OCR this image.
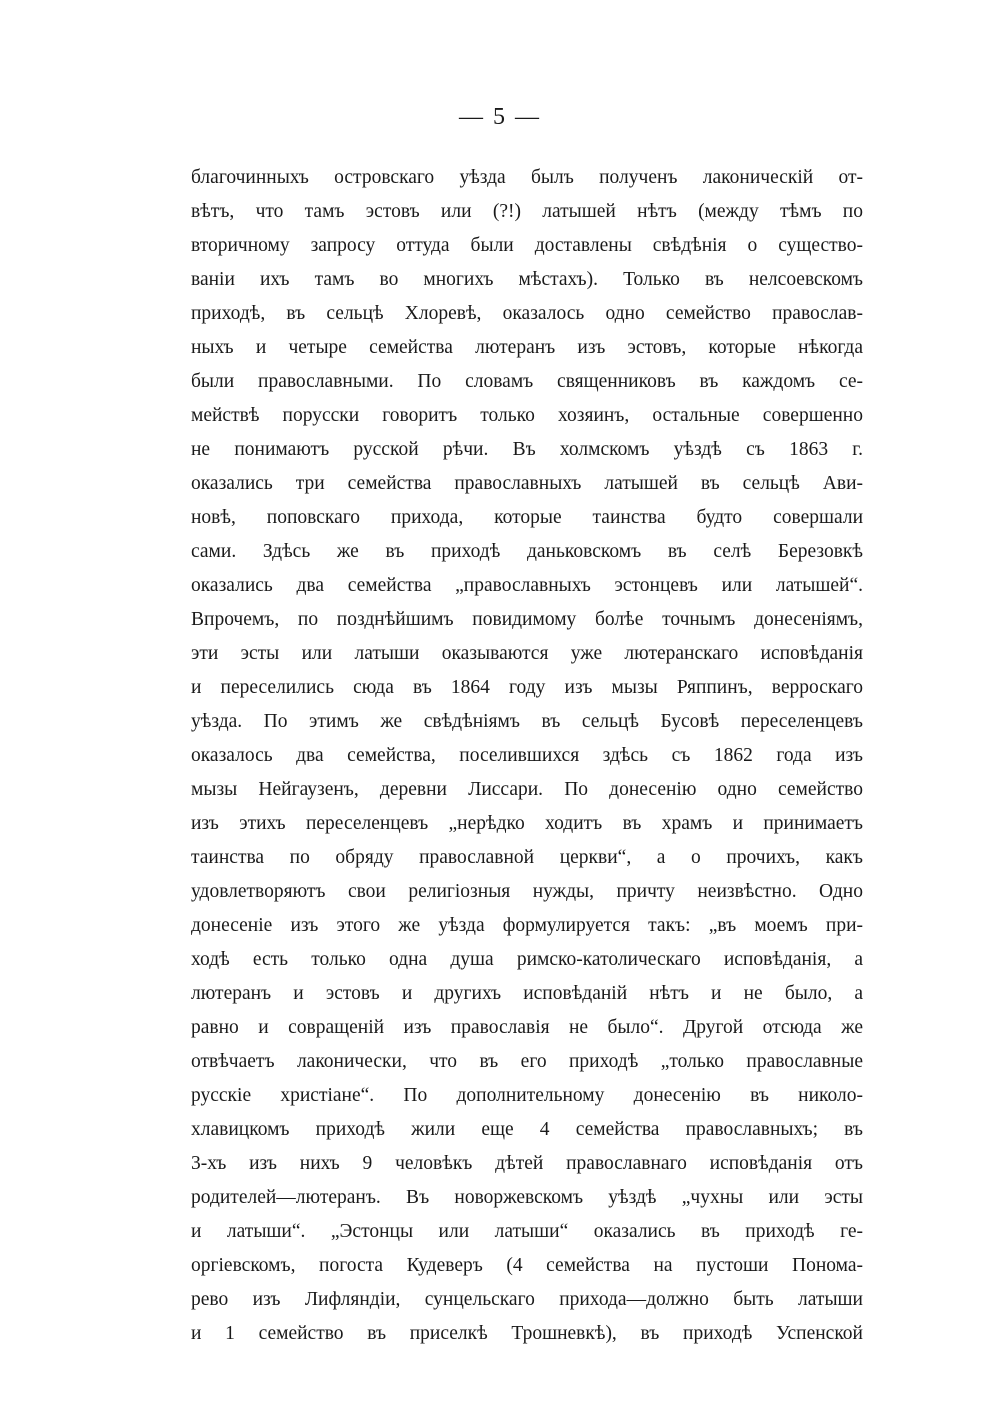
— 5 —
благочинныхъ островскаго уѣзда былъ полученъ лаконическій от-
вѣтъ, что тамъ эстовъ или (?!) латышей нѣтъ (между тѣмъ по
вторичному запросу оттуда были доставлены свѣдѣнія о существо-
ваніи ихъ тамъ во многихъ мѣстахъ). Только въ нелсоевскомъ
приходѣ, въ сельцѣ Хлоревѣ, оказалось одно семейство православ-
ныхъ и четыре семейства лютеранъ изъ эстовъ, которые нѣкогда
были православными. По словамъ священниковъ въ каждомъ се-
мействѣ порусски говоритъ только хозяинъ, остальные совершенно
не понимаютъ русской рѣчи. Въ холмскомъ уѣздѣ съ 1863 г.
оказались три семейства православныхъ латышей въ сельцѣ Ави-
новѣ, поповскаго прихода, которые таинства будто совершали
сами. Здѣсь же въ приходѣ даньковскомъ въ селѣ Березовкѣ
оказались два семейства „православныхъ эстонцевъ или латышей“.
Впрочемъ, по позднѣйшимъ повидимому болѣе точнымъ донесеніямъ,
эти эсты или латыши оказываются уже лютеранскаго исповѣданія
и переселились сюда въ 1864 году изъ мызы Ряппинъ, верроскаго
уѣзда. По этимъ же свѣдѣніямъ въ сельцѣ Бусовѣ переселенцевъ
оказалось два семейства, поселившихся здѣсь съ 1862 года изъ
мызы Нейгаузенъ, деревни Лиссари. По донесенію одно семейство
изъ этихъ переселенцевъ „нерѣдко ходитъ въ храмъ и принимаетъ
таинства по обряду православной церкви“, а о прочихъ, какъ
удовлетворяютъ свои религіозныя нужды, причту неизвѣстно. Одно
донесеніе изъ этого же уѣзда формулируется такъ: „въ моемъ при-
ходѣ есть только одна душа римско-католическаго исповѣданія, а
лютеранъ и эстовъ и другихъ исповѣданій нѣтъ и не было, а
равно и совращеній изъ православія не было“. Другой отсюда же
отвѣчаетъ лаконически, что въ его приходѣ „только православные
русскіе христіане“. По дополнительному донесенію въ николо-
хлавицкомъ приходѣ жили еще 4 семейства православныхъ; въ
3-хъ изъ нихъ 9 человѣкъ дѣтей православнаго исповѣданія отъ
родителей—лютеранъ. Въ новоржевскомъ уѣздѣ „чухны или эсты
и латыши“. „Эстонцы или латыши“ оказались въ приходѣ ге-
оргіевскомъ, погоста Кудеверъ (4 семейства на пустоши Понома-
рево изъ Лифляндіи, сунцельскаго прихода—должно быть латыши
и 1 семейство въ приселкѣ Трошневкѣ), въ приходѣ Успенской
